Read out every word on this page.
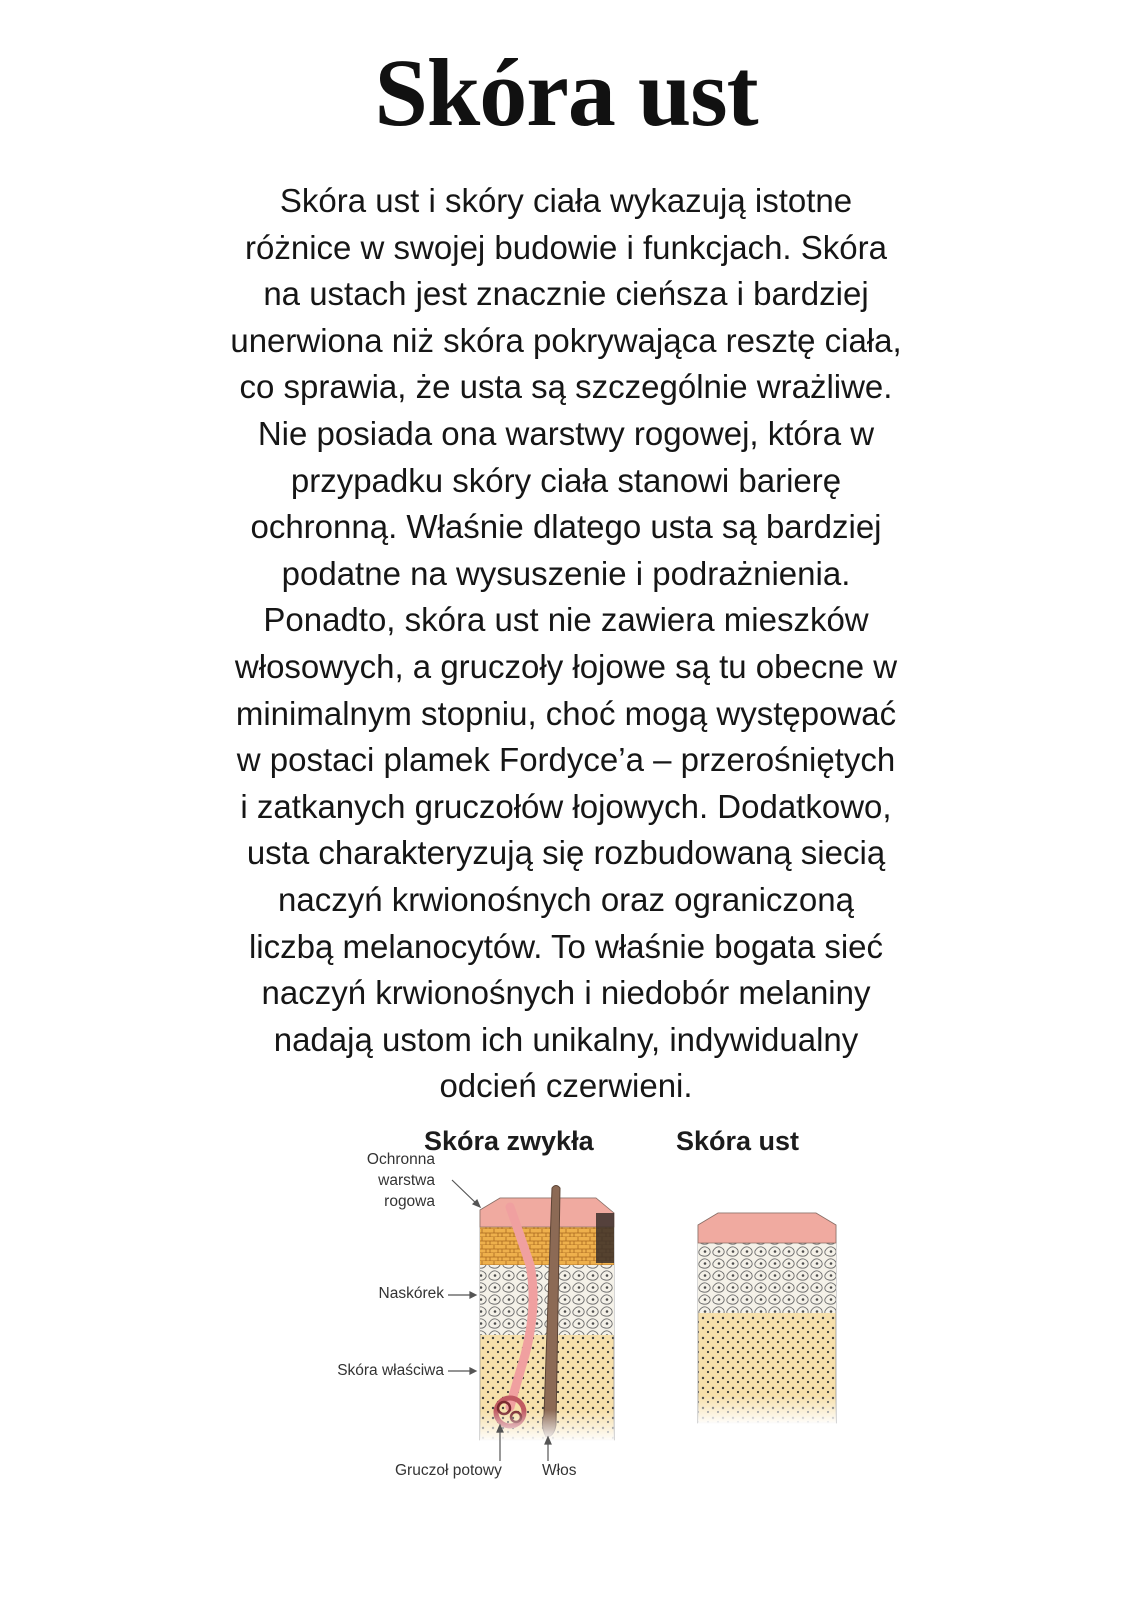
Skóra ust
Skóra ust i skóry ciała wykazują istotne
różnice w swojej budowie i funkcjach. Skóra
na ustach jest znacznie cieńsza i bardziej
unerwiona niż skóra pokrywająca resztę ciała,
co sprawia, że usta są szczególnie wrażliwe.
Nie posiada ona warstwy rogowej, która w
przypadku skóry ciała stanowi barierę
ochronną. Właśnie dlatego usta są bardziej
podatne na wysuszenie i podrażnienia.
Ponadto, skóra ust nie zawiera mieszków
włosowych, a gruczoły łojowe są tu obecne w
minimalnym stopniu, choć mogą występować
w postaci plamek Fordyce’a – przerośniętych
i zatkanych gruczołów łojowych. Dodatkowo,
usta charakteryzują się rozbudowaną siecią
naczyń krwionośnych oraz ograniczoną
liczbą melanocytów. To właśnie bogata sieć
naczyń krwionośnych i niedobór melaniny
nadają ustom ich unikalny, indywidualny
odcień czerwieni.
Skóra zwykła	Skóra ust
Ochronna
warstwa
rogowa
Naskórek
Skóra właściwa
Gruczoł potowy	Włos
